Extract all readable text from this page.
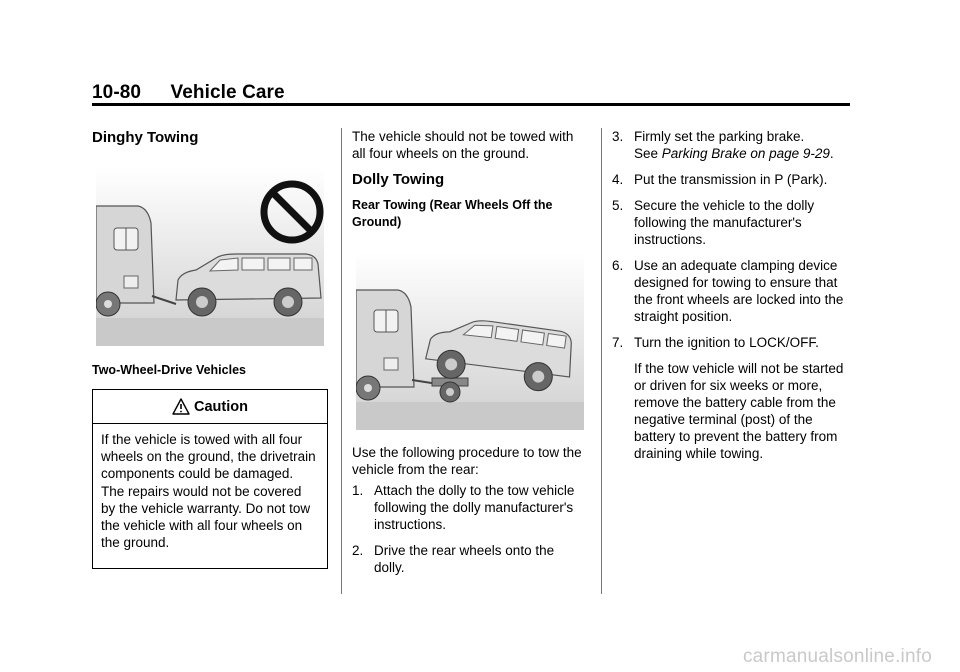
10-80 Vehicle Care
Dinghy Towing
Two-Wheel-Drive Vehicles
Caution
If the vehicle is towed with all four wheels on the ground, the drivetrain components could be damaged. The repairs would not be covered by the vehicle warranty. Do not tow the vehicle with all four wheels on the ground.
The vehicle should not be towed with all four wheels on the ground.
Dolly Towing
Rear Towing (Rear Wheels Off the Ground)
Use the following procedure to tow the vehicle from the rear:
1. Attach the dolly to the tow vehicle following the dolly manufacturer's instructions.
2. Drive the rear wheels onto the dolly.
3. Firmly set the parking brake.
See Parking Brake on page 9-29.
4. Put the transmission in P (Park).
5. Secure the vehicle to the dolly following the manufacturer's instructions.
6. Use an adequate clamping device designed for towing to ensure that the front wheels are locked into the straight position.
7. Turn the ignition to LOCK/OFF.
If the tow vehicle will not be started or driven for six weeks or more, remove the battery cable from the negative terminal (post) of the battery to prevent the battery from draining while towing.
carmanualsonline.info
